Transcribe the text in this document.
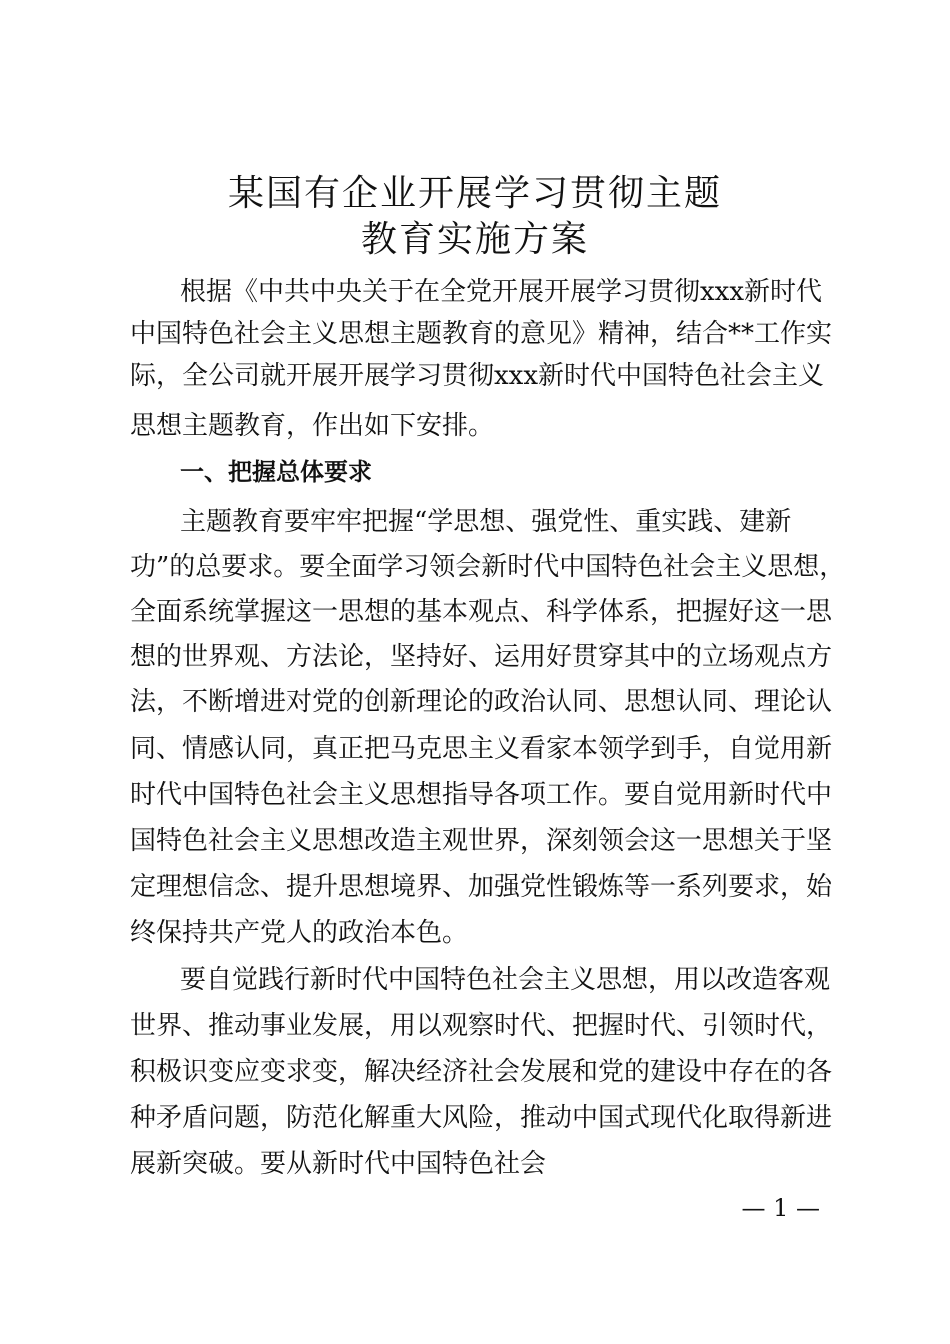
某国有企业开展学习贯彻主题
教育实施方案
根据《中共中央关于在全党开展开展学习贯彻xxx新时代
中国特色社会主义思想主题教育的意见》精神，结合**工作实
际，全公司就开展开展学习贯彻xxx新时代中国特色社会主义
思想主题教育，作出如下安排。
一、把握总体要求
主题教育要牢牢把握“学思想、强党性、重实践、建新
功”的总要求。要全面学习领会新时代中国特色社会主义思想，
全面系统掌握这一思想的基本观点、科学体系，把握好这一思
想的世界观、方法论，坚持好、运用好贯穿其中的立场观点方
法，不断增进对党的创新理论的政治认同、思想认同、理论认
同、情感认同，真正把马克思主义看家本领学到手，自觉用新
时代中国特色社会主义思想指导各项工作。要自觉用新时代中
国特色社会主义思想改造主观世界，深刻领会这一思想关于坚
定理想信念、提升思想境界、加强党性锻炼等一系列要求，始
终保持共产党人的政治本色。
要自觉践行新时代中国特色社会主义思想，用以改造客观
世界、推动事业发展，用以观察时代、把握时代、引领时代，
积极识变应变求变，解决经济社会发展和党的建设中存在的各
种矛盾问题，防范化解重大风险，推动中国式现代化取得新进
展新突破。要从新时代中国特色社会
— 1 —
